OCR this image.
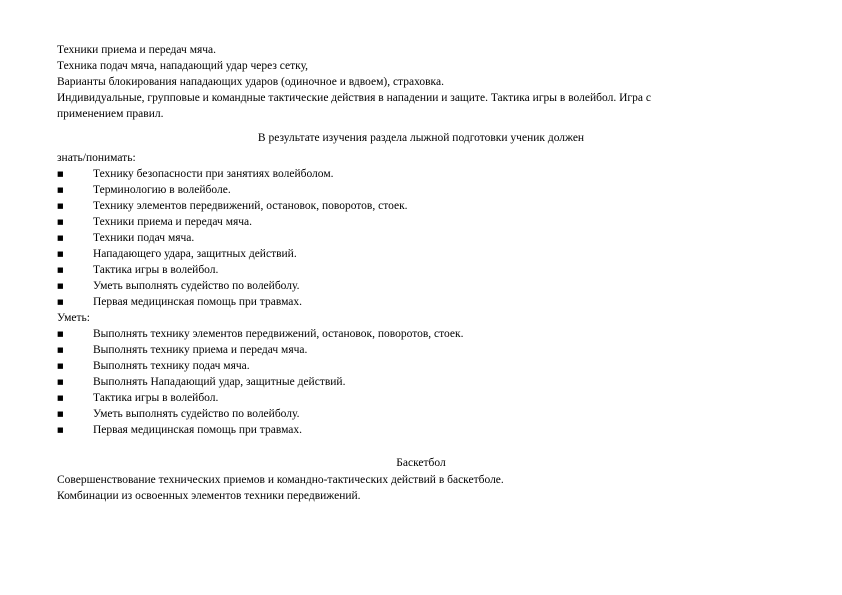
Техники приема и передач мяча.
Техника подач мяча, нападающий удар через сетку,
Варианты блокирования нападающих ударов (одиночное и вдвоем), страховка.
Индивидуальные, групповые и командные тактические действия в нападении и защите. Тактика игры в волейбол. Игра с
применением правил.
В результате изучения раздела лыжной подготовки ученик должен
знать/понимать:
■	Технику безопасности при занятиях волейболом.
■	Терминологию в волейболе.
■	Технику элементов передвижений, остановок, поворотов, стоек.
■	Техники приема и передач мяча.
■	Техники подач мяча.
■	Нападающего удара, защитных действий.
■	Тактика игры в волейбол.
■	Уметь выполнять судейство по волейболу.
■	Первая медицинская помощь при травмах.
Уметь:
■	Выполнять технику элементов передвижений, остановок, поворотов, стоек.
■	Выполнять технику приема и передач мяча.
■	Выполнять технику подач мяча.
■	Выполнять Нападающий удар, защитные действий.
■	Тактика игры в волейбол.
■	Уметь выполнять судейство по волейболу.
■	Первая медицинская помощь при травмах.
Баскетбол
Совершенствование технических приемов и командно-тактических действий в баскетболе.
Комбинации из освоенных элементов техники передвижений.
